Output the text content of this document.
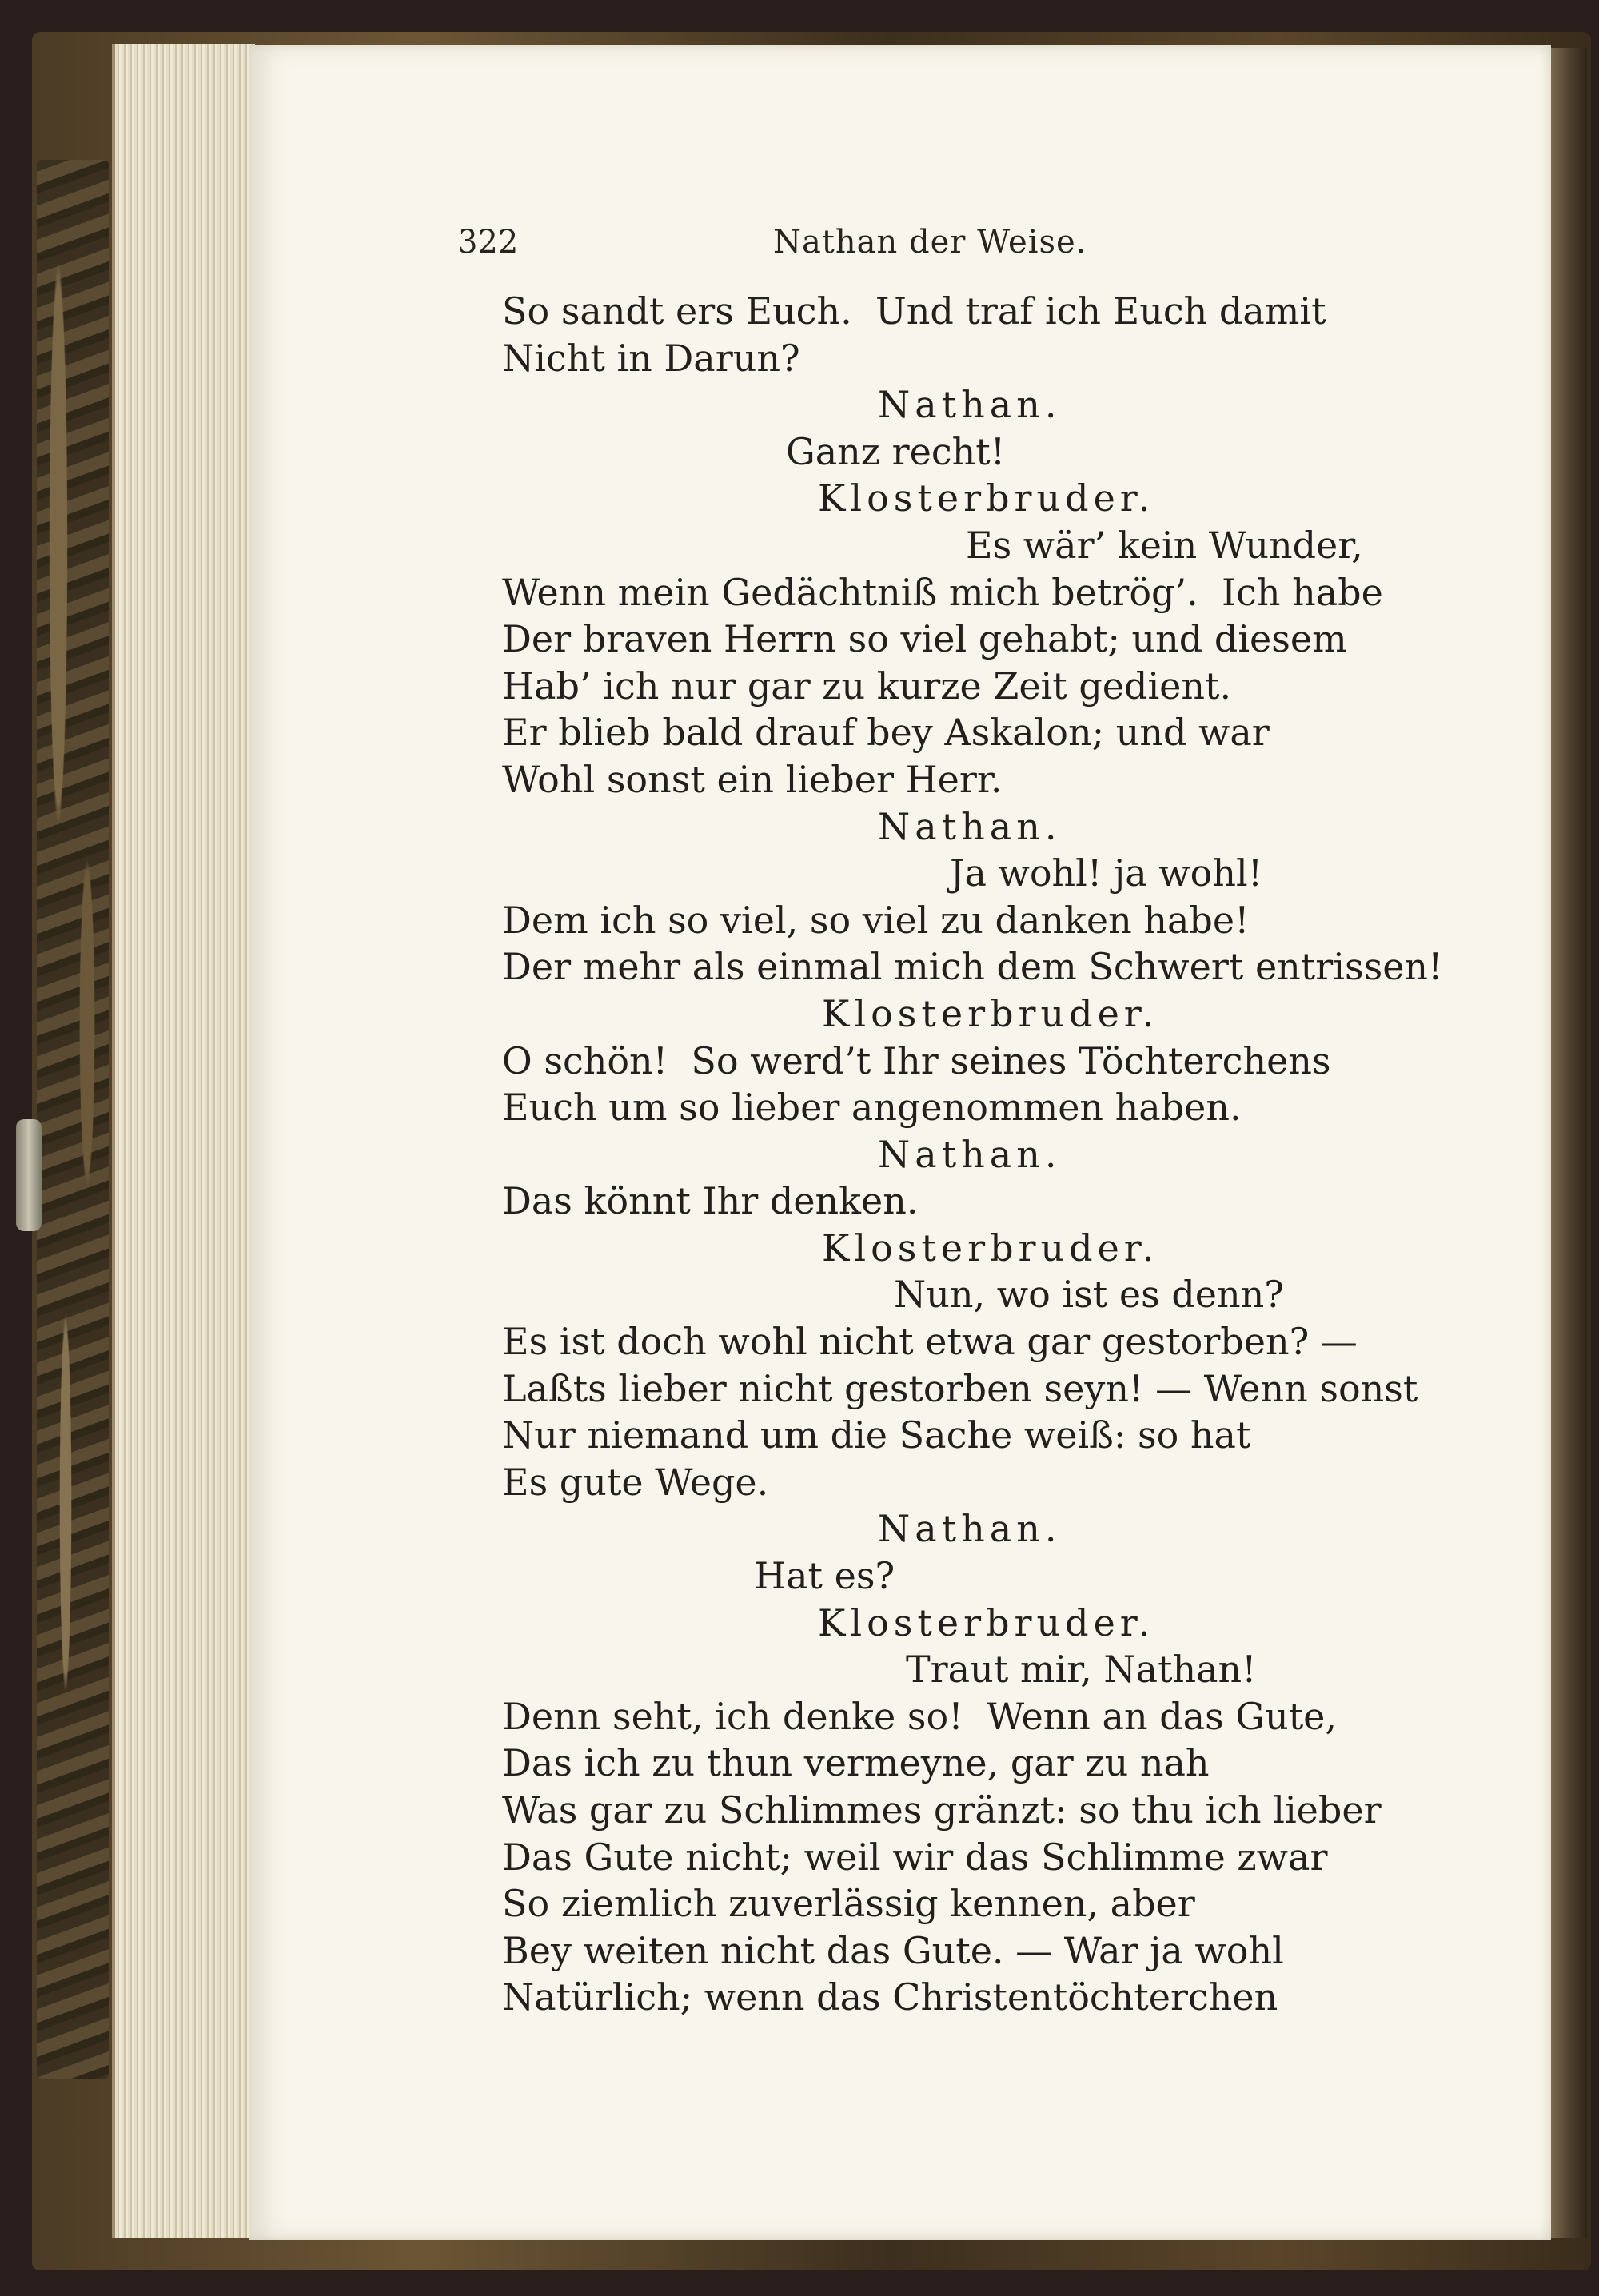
322	Nathan der Weise.
So sandt ers Euch.  Und traf ich Euch damit
Nicht in Darun?
Nathan.
Ganz recht!
Klosterbruder.
Es wär’ kein Wunder,
Wenn mein Gedächtniß mich betrög’.  Ich habe
Der braven Herrn so viel gehabt; und diesem
Hab’ ich nur gar zu kurze Zeit gedient.
Er blieb bald drauf bey Askalon; und war
Wohl sonst ein lieber Herr.
Nathan.
Ja wohl! ja wohl!
Dem ich so viel, so viel zu danken habe!
Der mehr als einmal mich dem Schwert entrissen!
Klosterbruder.
O schön!  So werd’t Ihr seines Töchterchens
Euch um so lieber angenommen haben.
Nathan.
Das könnt Ihr denken.
Klosterbruder.
Nun, wo ist es denn?
Es ist doch wohl nicht etwa gar gestorben? —
Laßts lieber nicht gestorben seyn! — Wenn sonst
Nur niemand um die Sache weiß: so hat
Es gute Wege.
Nathan.
Hat es?
Klosterbruder.
Traut mir, Nathan!
Denn seht, ich denke so!  Wenn an das Gute,
Das ich zu thun vermeyne, gar zu nah
Was gar zu Schlimmes gränzt: so thu ich lieber
Das Gute nicht; weil wir das Schlimme zwar
So ziemlich zuverlässig kennen, aber
Bey weiten nicht das Gute. — War ja wohl
Natürlich; wenn das Christentöchterchen
